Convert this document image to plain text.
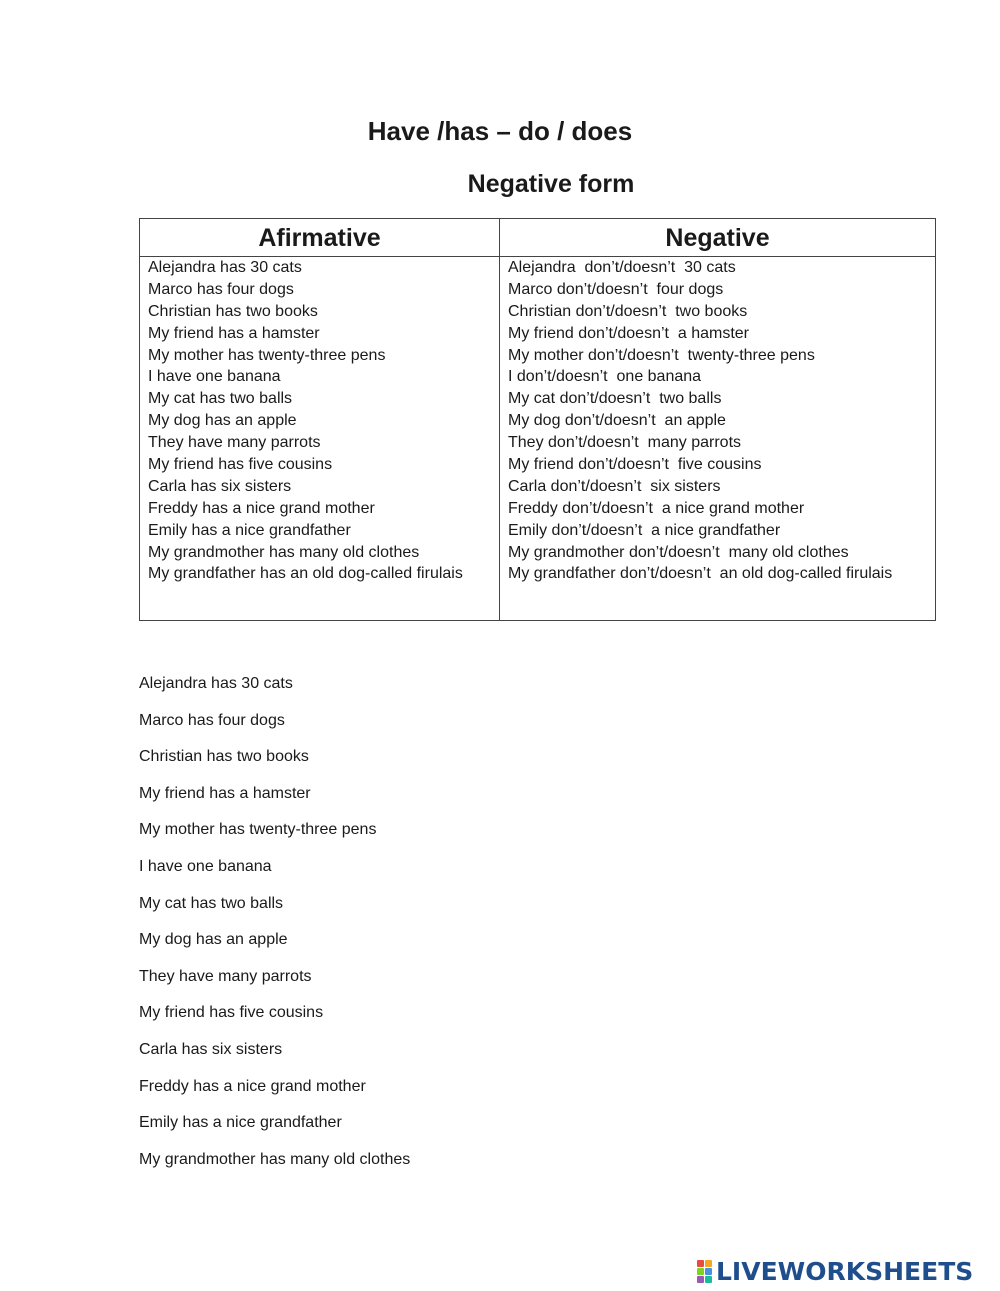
Have /has – do / does
Negative form
Afirmative	Negative
Alejandra has 30 cats
Marco has four dogs
Christian has two books
My friend has a hamster
My mother has twenty-three pens
I have one banana
My cat has two balls
My dog has an apple
They have many parrots
My friend has five cousins
Carla has six sisters
Freddy has a nice grand mother
Emily has a nice grandfather
My grandmother has many old clothes
My grandfather has an old dog-called firulais
Alejandra  don’t/doesn’t  30 cats
Marco don’t/doesn’t  four dogs
Christian don’t/doesn’t  two books
My friend don’t/doesn’t  a hamster
My mother don’t/doesn’t  twenty-three pens
I don’t/doesn’t  one banana
My cat don’t/doesn’t  two balls
My dog don’t/doesn’t  an apple
They don’t/doesn’t  many parrots
My friend don’t/doesn’t  five cousins
Carla don’t/doesn’t  six sisters
Freddy don’t/doesn’t  a nice grand mother
Emily don’t/doesn’t  a nice grandfather
My grandmother don’t/doesn’t  many old clothes
My grandfather don’t/doesn’t  an old dog-called firulais
Alejandra has 30 cats
Marco has four dogs
Christian has two books
My friend has a hamster
My mother has twenty-three pens
I have one banana
My cat has two balls
My dog has an apple
They have many parrots
My friend has five cousins
Carla has six sisters
Freddy has a nice grand mother
Emily has a nice grandfather
My grandmother has many old clothes
LIVEWORKSHEETS
